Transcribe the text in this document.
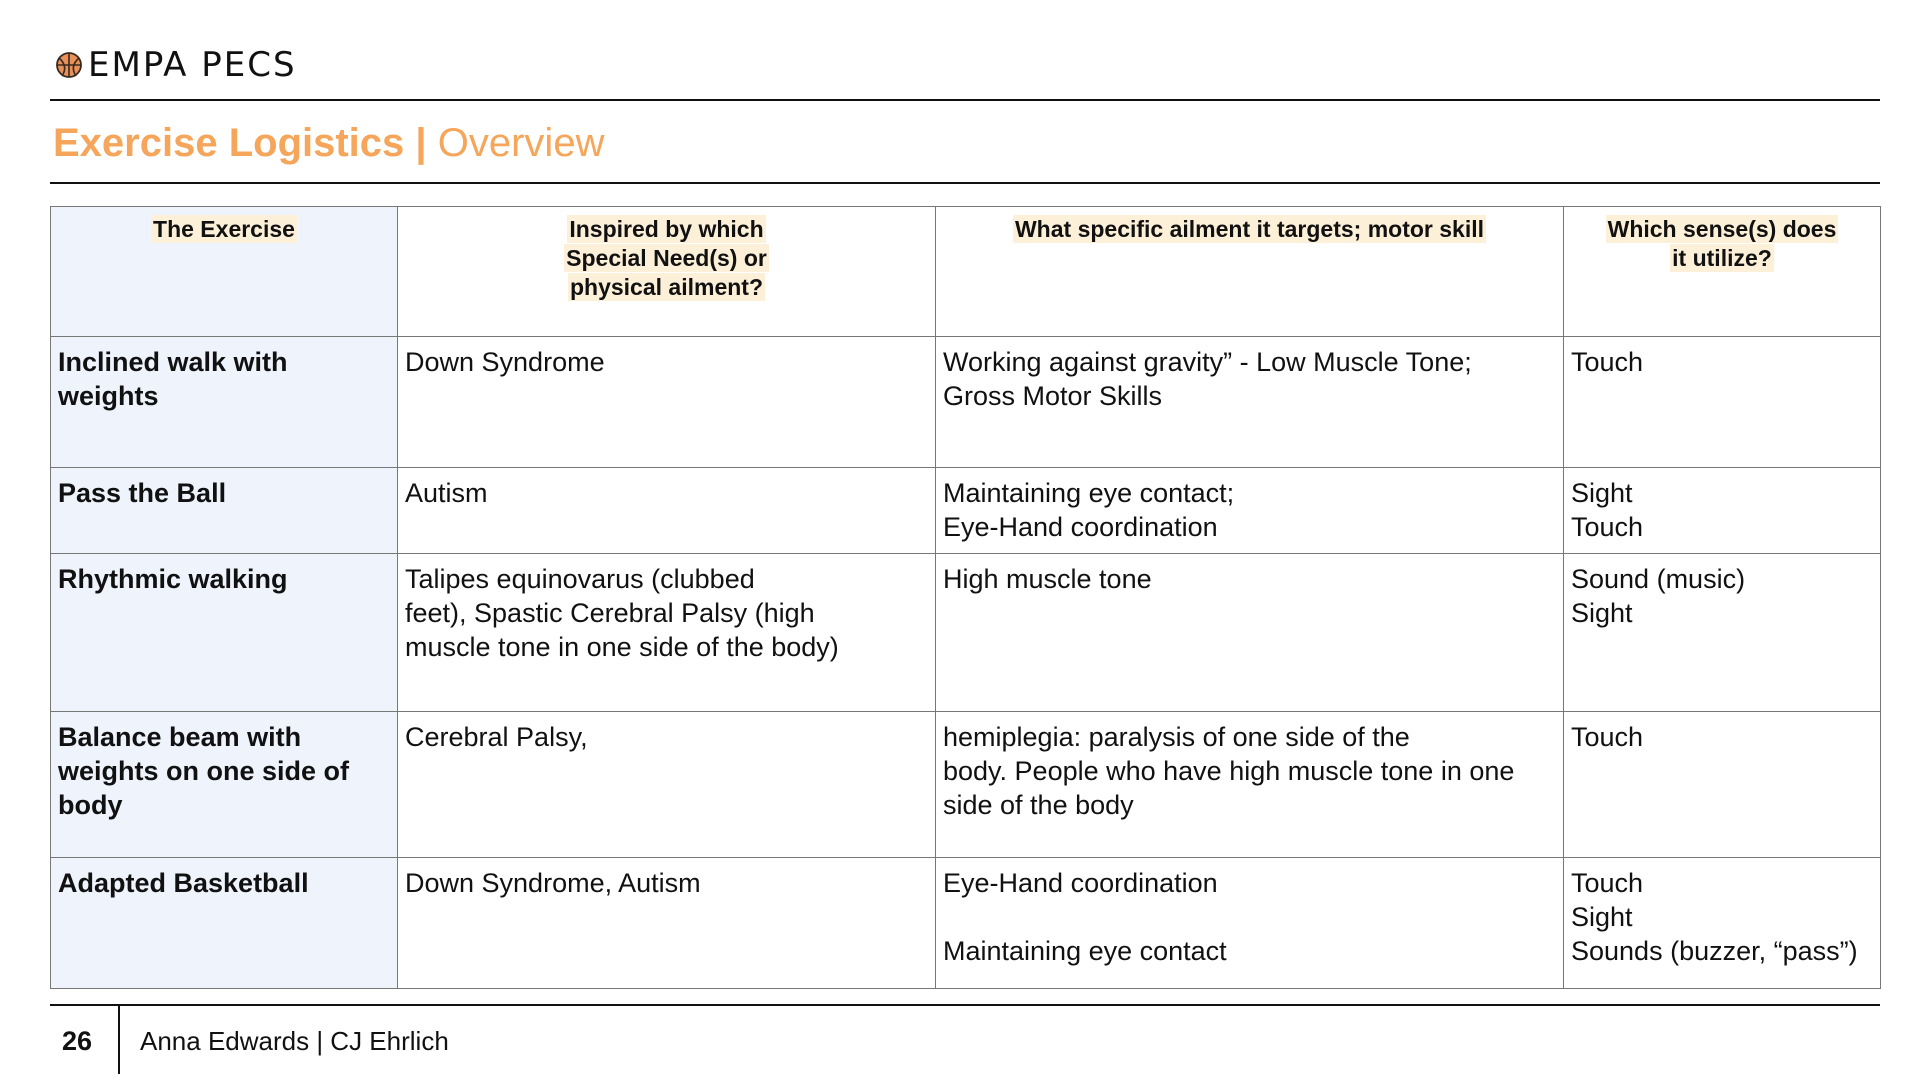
EMPA PECS
Exercise Logistics | Overview
The Exercise	Inspired by which
Special Need(s) or
physical ailment?	What specific ailment it targets; motor skill	Which sense(s) does
it utilize?

Inclined walk with
weights	Down Syndrome	Working against gravity” - Low Muscle Tone;
Gross Motor Skills	Touch

Pass the Ball	Autism	Maintaining eye contact;
Eye-Hand coordination	Sight
Touch

Rhythmic walking	Talipes equinovarus (clubbed
feet), Spastic Cerebral Palsy (high
muscle tone in one side of the body)	High muscle tone	Sound (music)
Sight

Balance beam with
weights on one side of
body	Cerebral Palsy,	hemiplegia: paralysis of one side of the
body. People who have high muscle tone in one
side of the body	Touch

Adapted Basketball	Down Syndrome, Autism	Eye-Hand coordination
Maintaining eye contact	Touch
Sight
Sounds (buzzer, “pass”)
26 Anna Edwards | CJ Ehrlich
